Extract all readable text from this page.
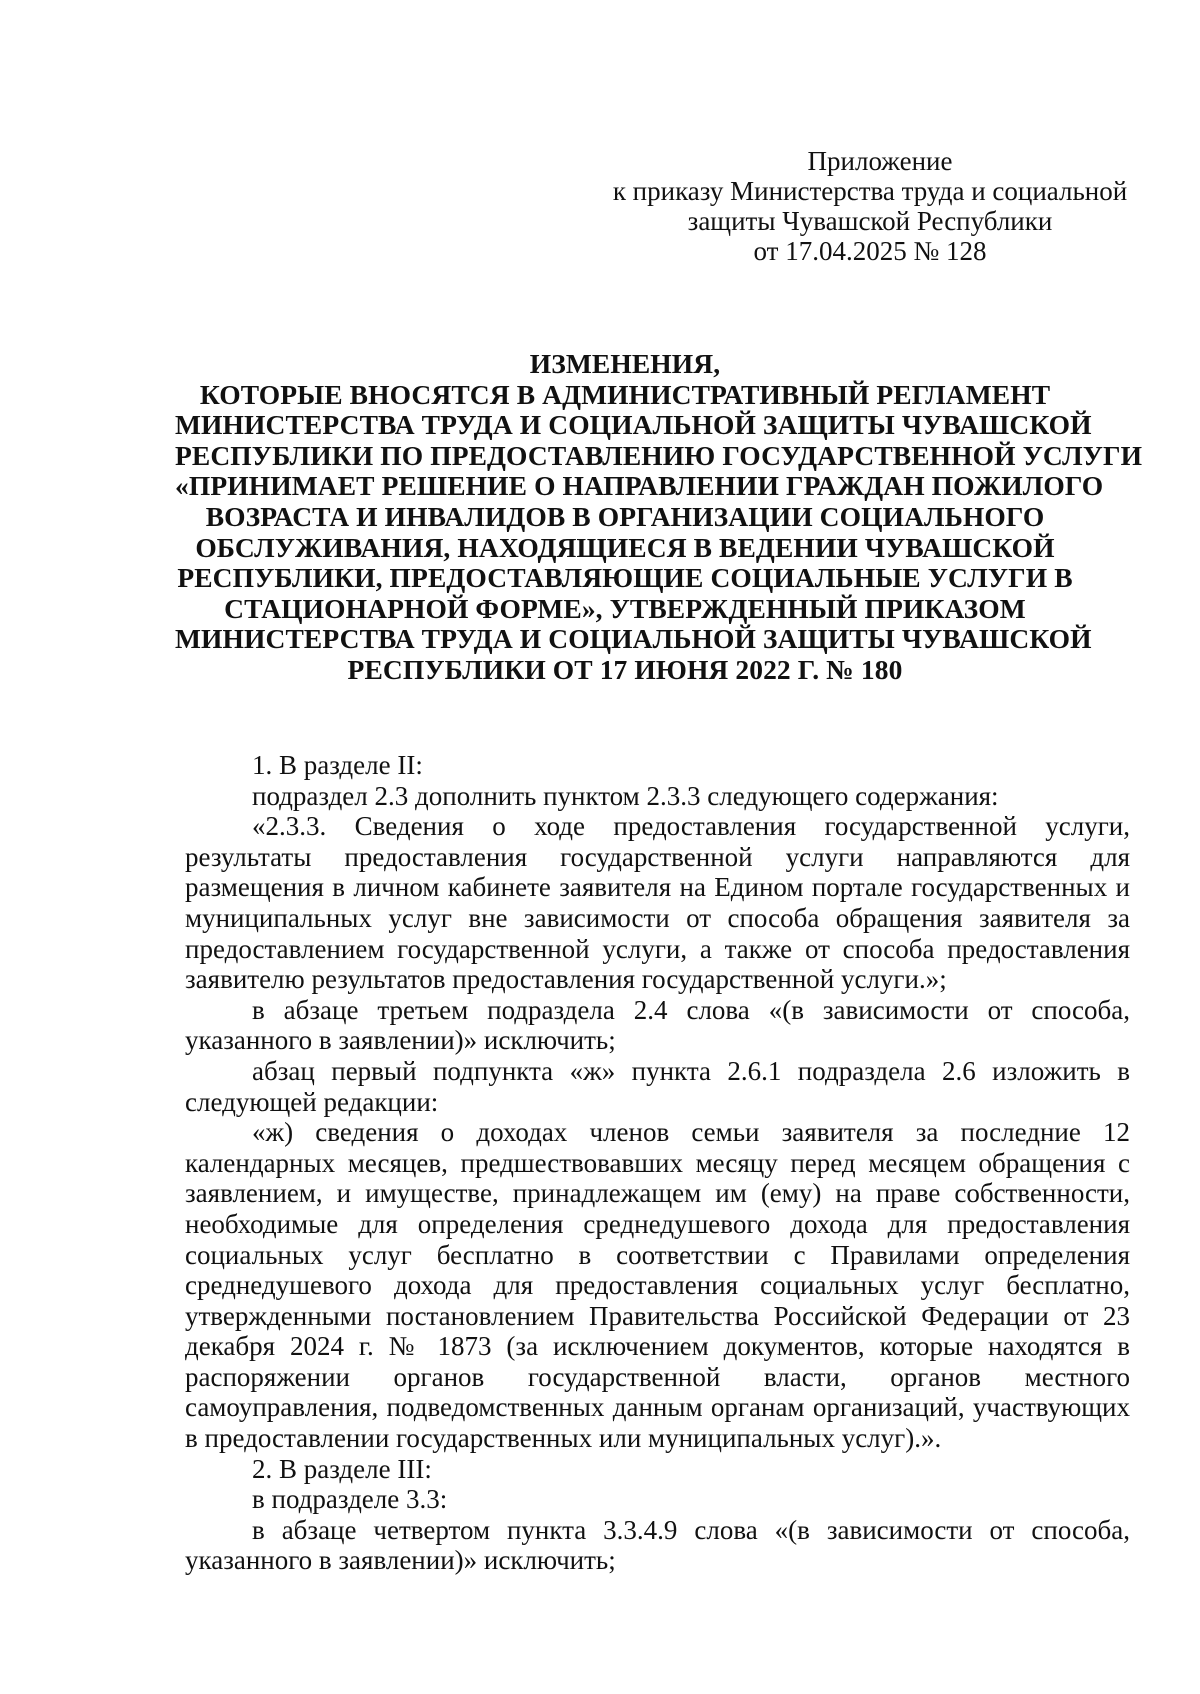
Приложение
к приказу Министерства труда и социальной
защиты Чувашской Республики
от 17.04.2025 № 128
ИЗМЕНЕНИЯ,
КОТОРЫЕ ВНОСЯТСЯ В АДМИНИСТРАТИВНЫЙ РЕГЛАМЕНТ
МИНИСТЕРСТВА ТРУДА И СОЦИАЛЬНОЙ ЗАЩИТЫ ЧУВАШСКОЙ
РЕСПУБЛИКИ ПО ПРЕДОСТАВЛЕНИЮ ГОСУДАРСТВЕННОЙ УСЛУГИ
«ПРИНИМАЕТ РЕШЕНИЕ О НАПРАВЛЕНИИ ГРАЖДАН ПОЖИЛОГО
ВОЗРАСТА И ИНВАЛИДОВ В ОРГАНИЗАЦИИ СОЦИАЛЬНОГО
ОБСЛУЖИВАНИЯ, НАХОДЯЩИЕСЯ В ВЕДЕНИИ ЧУВАШСКОЙ
РЕСПУБЛИКИ, ПРЕДОСТАВЛЯЮЩИЕ СОЦИАЛЬНЫЕ УСЛУГИ В
СТАЦИОНАРНОЙ ФОРМЕ», УТВЕРЖДЕННЫЙ ПРИКАЗОМ
МИНИСТЕРСТВА ТРУДА И СОЦИАЛЬНОЙ ЗАЩИТЫ ЧУВАШСКОЙ
РЕСПУБЛИКИ ОТ 17 ИЮНЯ 2022 Г. № 180

1. В разделе II:

подраздел 2.3 дополнить пунктом 2.3.3 следующего содержания:

«2.3.3. Сведения о ходе предоставления государственной услуги, результаты предоставления государственной услуги направляются для размещения в личном кабинете заявителя на Едином портале государственных и муниципальных услуг вне зависимости от способа обращения заявителя за предоставлением государственной услуги, а также от способа предоставления заявителю результатов предоставления государственной услуги.»;

в абзаце третьем подраздела 2.4 слова «(в зависимости от способа, указанного в заявлении)» исключить;

абзац первый подпункта «ж» пункта 2.6.1 подраздела 2.6 изложить в следующей редакции:

«ж) сведения о доходах членов семьи заявителя за последние 12 календарных месяцев, предшествовавших месяцу перед месяцем обращения с заявлением, и имуществе, принадлежащем им (ему) на праве собственности, необходимые для определения среднедушевого дохода для предоставления социальных услуг бесплатно в соответствии с Правилами определения среднедушевого дохода для предоставления социальных услуг бесплатно, утвержденными постановлением Правительства Российской Федерации от 23 декабря 2024 г. № 1873 (за исключением документов, которые находятся в распоряжении органов государственной власти, органов местного самоуправления, подведомственных данным органам организаций, участвующих в предоставлении государственных или муниципальных услуг).».

2. В разделе III:

в подразделе 3.3:

в абзаце четвертом пункта 3.3.4.9 слова «(в зависимости от способа, указанного в заявлении)» исключить;
